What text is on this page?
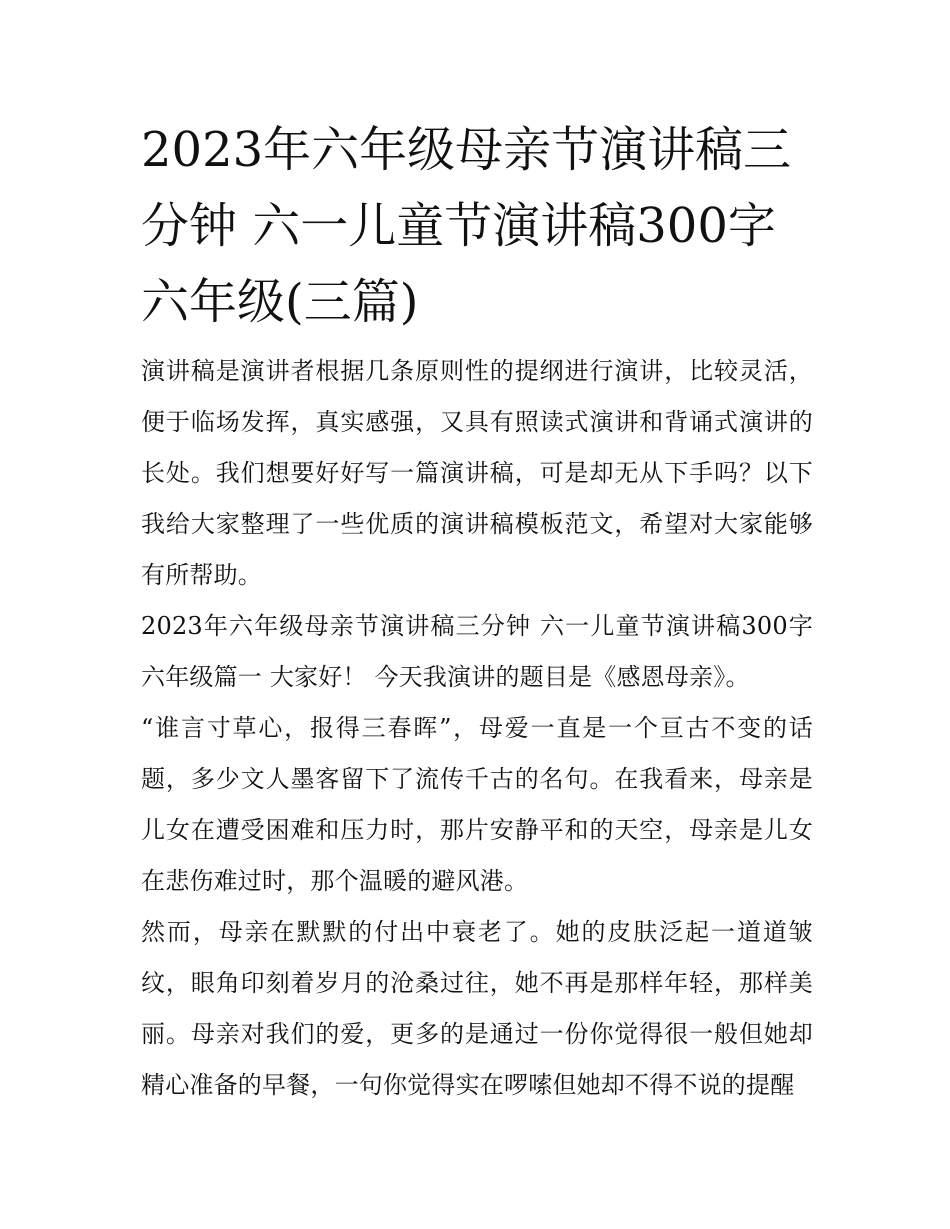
2023年六年级母亲节演讲稿三分钟 六一儿童节演讲稿300字六年级(三篇)

演讲稿是演讲者根据几条原则性的提纲进行演讲，比较灵活，便于临场发挥，真实感强，又具有照读式演讲和背诵式演讲的长处。我们想要好好写一篇演讲稿，可是却无从下手吗？以下我给大家整理了一些优质的演讲稿模板范文，希望对大家能够有所帮助。

2023年六年级母亲节演讲稿三分钟 六一儿童节演讲稿300字六年级篇一 大家好！ 今天我演讲的题目是《感恩母亲》。

“谁言寸草心，报得三春晖”，母爱一直是一个亘古不变的话题，多少文人墨客留下了流传千古的名句。在我看来，母亲是儿女在遭受困难和压力时，那片安静平和的天空，母亲是儿女在悲伤难过时，那个温暖的避风港。

然而，母亲在默默的付出中衰老了。她的皮肤泛起一道道皱纹，眼角印刻着岁月的沧桑过往，她不再是那样年轻，那样美丽。母亲对我们的爱，更多的是通过一份你觉得很一般但她却精心准备的早餐，一句你觉得实在啰嗦但她却不得不说的提醒
